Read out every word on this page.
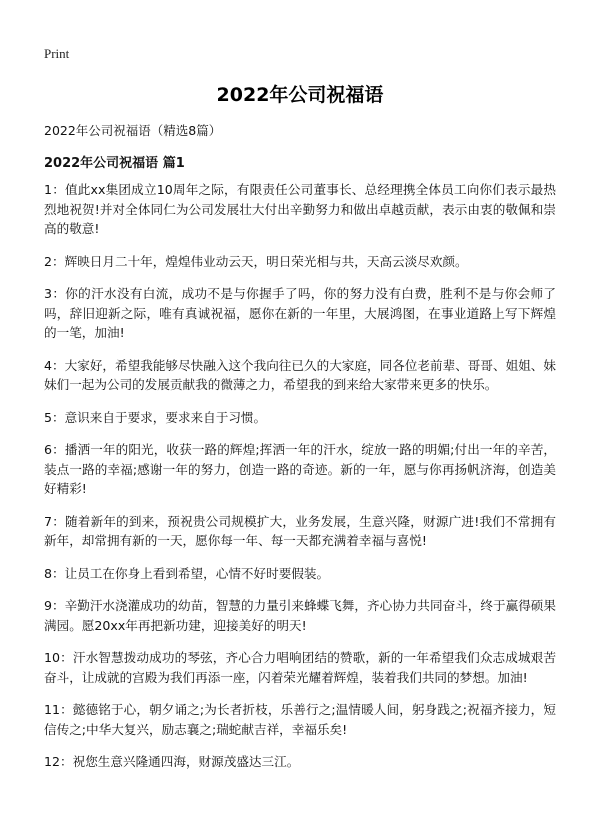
Print
2022年公司祝福语

2022年公司祝福语（精选8篇）

2022年公司祝福语 篇1

1：值此xx集团成立10周年之际，有限责任公司董事长、总经理携全体员工向你们表示最热烈地祝贺!并对全体同仁为公司发展壮大付出辛勤努力和做出卓越贡献，表示由衷的敬佩和崇高的敬意!

2：辉映日月二十年，煌煌伟业动云天，明日荣光相与共，天高云淡尽欢颜。

3：你的汗水没有白流，成功不是与你握手了吗，你的努力没有白费，胜利不是与你会师了吗，辞旧迎新之际，唯有真诚祝福，愿你在新的一年里，大展鸿图，在事业道路上写下辉煌的一笔，加油!

4：大家好，希望我能够尽快融入这个我向往已久的大家庭，同各位老前辈、哥哥、姐姐、妹妹们一起为公司的发展贡献我的微薄之力，希望我的到来给大家带来更多的快乐。

5：意识来自于要求，要求来自于习惯。

6：播洒一年的阳光，收获一路的辉煌;挥洒一年的汗水，绽放一路的明媚;付出一年的辛苦，装点一路的幸福;感谢一年的努力，创造一路的奇迹。新的一年，愿与你再扬帆济海，创造美好精彩!

7：随着新年的到来，预祝贵公司规模扩大，业务发展，生意兴隆，财源广进!我们不常拥有新年，却常拥有新的一天，愿你每一年、每一天都充满着幸福与喜悦!

8：让员工在你身上看到希望，心情不好时要假装。

9：辛勤汗水浇灌成功的幼苗，智慧的力量引来蜂蝶飞舞，齐心协力共同奋斗，终于赢得硕果满园。愿20xx年再把新功建，迎接美好的明天!

10：汗水智慧拨动成功的琴弦，齐心合力唱响团结的赞歌，新的一年希望我们众志成城艰苦奋斗，让成就的宫殿为我们再添一座，闪着荣光耀着辉煌，装着我们共同的梦想。加油!

11：懿德铭于心，朝夕诵之;为长者折枝，乐善行之;温情暖人间，躬身践之;祝福齐接力，短信传之;中华大复兴，励志襄之;瑞蛇献吉祥，幸福乐矣!

12：祝您生意兴隆通四海，财源茂盛达三江。
